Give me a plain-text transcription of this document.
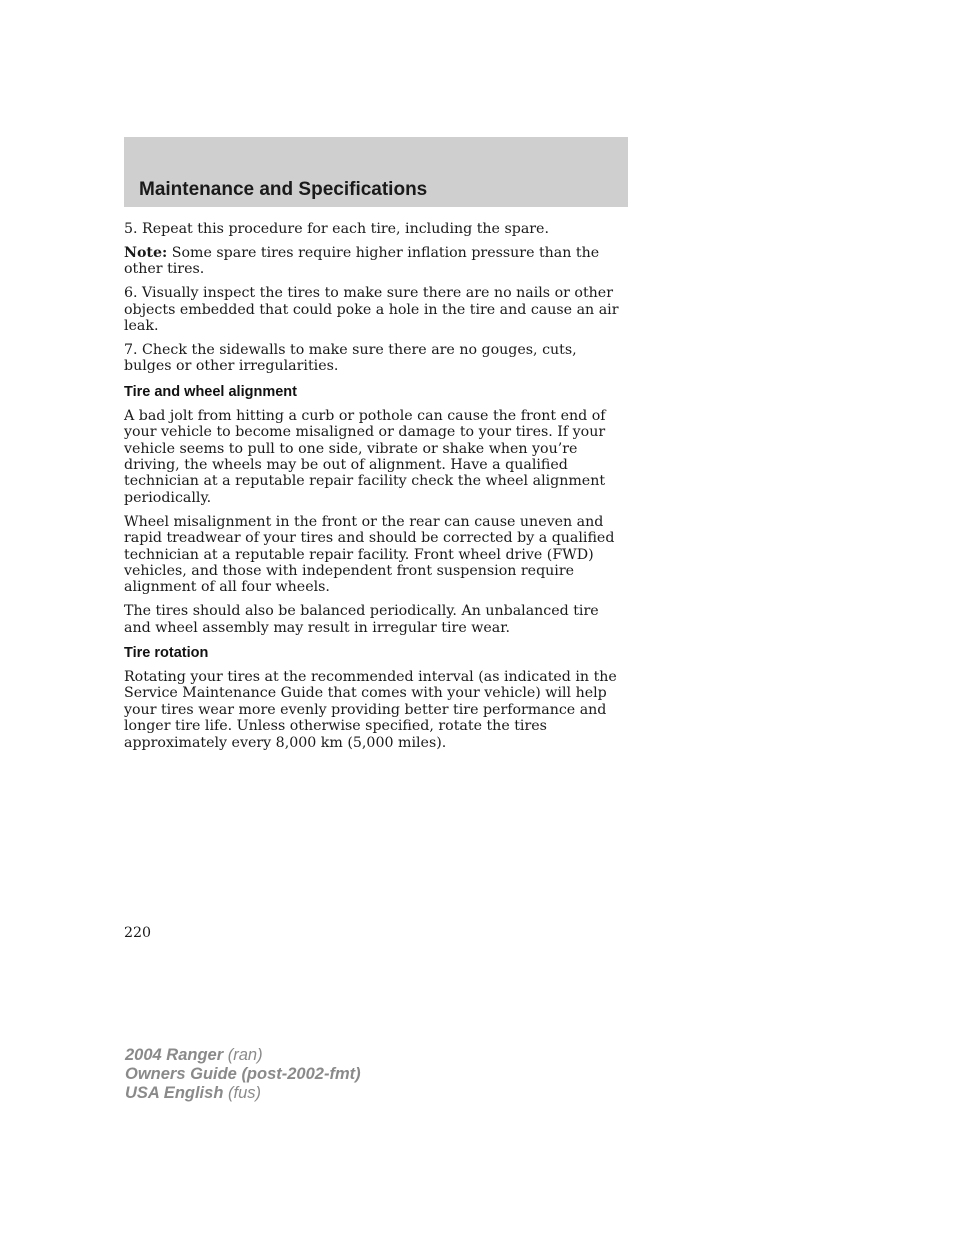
Maintenance and Specifications

5. Repeat this procedure for each tire, including the spare.

Note: Some spare tires require higher inflation pressure than the other tires.

6. Visually inspect the tires to make sure there are no nails or other objects embedded that could poke a hole in the tire and cause an air leak.

7. Check the sidewalls to make sure there are no gouges, cuts, bulges or other irregularities.

Tire and wheel alignment

A bad jolt from hitting a curb or pothole can cause the front end of your vehicle to become misaligned or damage to your tires. If your vehicle seems to pull to one side, vibrate or shake when you’re driving, the wheels may be out of alignment. Have a qualified technician at a reputable repair facility check the wheel alignment periodically.

Wheel misalignment in the front or the rear can cause uneven and rapid treadwear of your tires and should be corrected by a qualified technician at a reputable repair facility. Front wheel drive (FWD) vehicles, and those with independent front suspension require alignment of all four wheels.

The tires should also be balanced periodically. An unbalanced tire and wheel assembly may result in irregular tire wear.

Tire rotation

Rotating your tires at the recommended interval (as indicated in the Service Maintenance Guide that comes with your vehicle) will help your tires wear more evenly providing better tire performance and longer tire life. Unless otherwise specified, rotate the tires approximately every 8,000 km (5,000 miles).

220
2004 Ranger (ran)
Owners Guide (post-2002-fmt)
USA English (fus)
